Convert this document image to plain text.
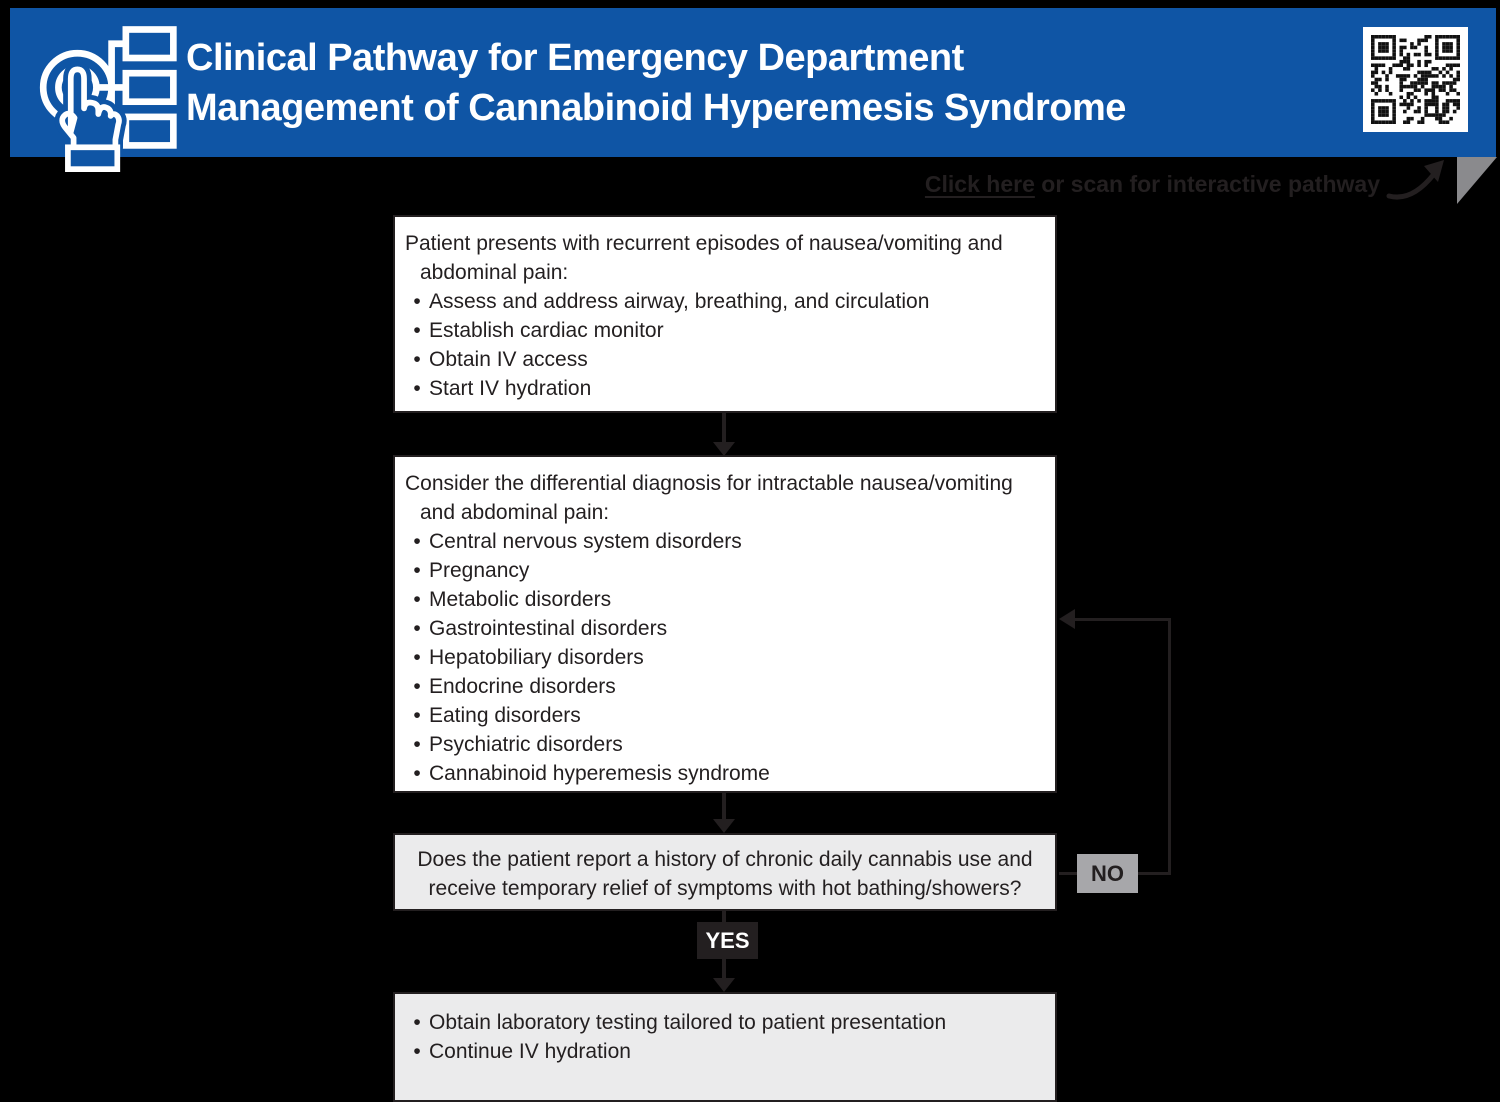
Clinical Pathway for Emergency Department
Management of Cannabinoid Hyperemesis Syndrome
Click here or scan for interactive pathway
Patient presents with recurrent episodes of nausea/vomiting and abdominal pain:
• Assess and address airway, breathing, and circulation
• Establish cardiac monitor
• Obtain IV access
• Start IV hydration
Consider the differential diagnosis for intractable nausea/vomiting and abdominal pain:
• Central nervous system disorders
• Pregnancy
• Metabolic disorders
• Gastrointestinal disorders
• Hepatobiliary disorders
• Endocrine disorders
• Eating disorders
• Psychiatric disorders
• Cannabinoid hyperemesis syndrome
Does the patient report a history of chronic daily cannabis use and receive temporary relief of symptoms with hot bathing/showers?
NO
YES
• Obtain laboratory testing tailored to patient presentation
• Continue IV hydration
